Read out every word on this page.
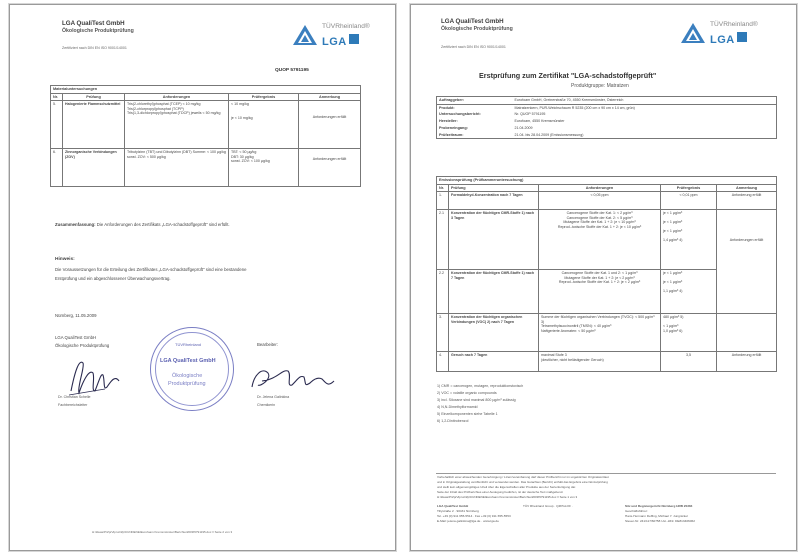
LGA QualiTest GmbH
Ökologische Produktprüfung
Zertifiziert nach DIN EN ISO 9001/14001
TÜVRheinland®
LGA
QUOP 5791195
Materialuntersuchungen				
Nr.	Prüfung	Anforderungen	Prüfergebnis	Anmerkung
5.	Halogenierte Flammschutzmittel	Tris(2-chlorethyl)phosphat (TCEP) < 10 mg/kg
Tris(2-chlorpropyl)phosphat (TCPP)
Tris(1,3-dichlorpropyl)phosphat (TDCP) jeweils < 50 mg/kg	< 10 mg/kg

je < 10 mg/kg	Anforderungen erfüllt
6.	Zinnorganische Verbindungen (ZOV)	Tributylzinn (TBT) und Dibutylzinn (DBT) Summe: < 100 µg/kg
sonst. ZOV: < 500 µg/kg	TBT: < 50 µg/kg
DBT: 30 µg/kg
sonst. ZOV: < 100 µg/kg	Anforderungen erfüllt
Zusammenfassung: Die Anforderungen des Zertifikats „LGA-schadstoffgeprüft" sind erfüllt.
Hinweis:
Die Voraussetzungen für die Erteilung des Zertifikates „LGA-schadstoffgeprüft" sind eine bestandene
Erstprüfung und ein abgeschlossener Überwachungsvertrag.
Nürnberg, 11.05.2009
LGA QualiTest GmbH
Ökologische Produktprüfung	Bearbeiter:
TÜVRheinland
LGA QualiTest GmbH
Ökologische
Produktprüfung
Dr. Christian Schelle
Fachbereichsleiter
Dr. Jelena Galinkina
Chemikerin
H:\Ideas\PrZpr\Zpruz\Zp\KUNDENE\Eurofoam Kremsmünster\Berichte\2009\5791195.doc // Seite 2 von 3
LGA QualiTest GmbH
Ökologische Produktprüfung
Zertifiziert nach DIN EN ISO 9001/14001
TÜVRheinland®
LGA
Erstprüfung zum Zertifikat "LGA-schadstoffgeprüft"
Produktgruppe: Matratzen
Auftraggeber:	Eurofoam GmbH, Greinerstraße 70, 4550 Kremsmünster, Österreich
Produkt:	Matratzenkern, PUR-Weichschaum R 5235 (200 cm x 90 cm x 14 cm, grün)
Untersuchungsbericht:	Nr. QUOP 5791195
Hersteller:	Eurofoam, 4550 Kremsmünster
Probeneingang:	21.04.2009
Prüfzeitraum:	21.04. bis 28.04.2009 (Emissionsmessung)
Emissionsprüfung (Prüfkammeruntersuchung)				
Nr.	Prüfung	Anforderungen	Prüfergebnis	Anmerkung
1.	Formaldehyd-Konzentration nach 7 Tagen	< 0,05 ppm	< 0,01 ppm	Anforderung erfüllt
2.1	Konzentration der flüchtigen CMR-Stoffe 1) nach 3 Tagen	Cancerogene Stoffe der Kat. 1: < 2 µg/m³
Cancerogene Stoffe der Kat. 2: < 5 µg/m³
Mutagene Stoffe der Kat. 1 + 2: je < 10 µg/m³
Reprod.-toxische Stoffe der Kat. 1 + 2: je < 10 µg/m³	je < 1 µg/m³

je < 1 µg/m³

je < 1 µg/m³

1,4 µg/m³ 4)	Anforderungen erfüllt
2.2	Konzentration der flüchtigen CMR-Stoffe 1) nach 7 Tagen	Cancerogene Stoffe der Kat. 1 und 2: < 1 µg/m³
Mutagene Stoffe der Kat. 1 + 2: je < 2 µg/m³
Reprod.-toxische Stoffe der Kat. 1 + 2: je < 2 µg/m³	je < 1 µg/m³

je < 1 µg/m³

1,1 µg/m³ 4)	
3.	Konzentration der flüchtigen organischen Verbindungen (VOC) 2) nach 7 Tagen	Summe der flüchtigen organischen Verbindungen (TVOC): < 500 µg/m³ 3)
Tetramethylsuccinonitril (TMSN): < 40 µg/m³
Naftgerierte Aromaten: < 50 µg/m³	480 µg/m³ 5)

< 1 µg/m³
1,0 µg/m³ 6)	
4.	Geruch nach 7 Tagen	maximal Stufe 3
(deutlicher, nicht belästigender Geruch)	3,5	Anforderung erfüllt
1) CMR = cancerogen, mutagen, reproduktionstoxisch
2) VOC = volatile organic compounds
3) incl. Siloxane sind maximal 800 µg/m³ zulässig
4) N,N-Dimethylformamid
5) Einzelkomponenten siehe Tabelle 1
6) 1,2-Dinitrobenzol
Vorbehaltlich einer abweichenden Genehmigung / Lizenzvereinbarung darf dieser Prüfbericht nur im ungekürzten Originalwortlaut
und in Originalgestaltung veröffentlicht und verwendet werden. Das Gutachten (Bericht) enthält das Ergebnis einer Einzelprüfung
und stellt kein allgemeingültiges Urteil über die Eigenschaften aller Produkte aus der Serienfertigung dar.
Seite der Inhalt des Prüfberichtes einer Auslegung bedürfen, ist der deutsche Text maßgebend.
H:\Ideas\PrZpr\Zpruz\Zp\KUNDENE\Eurofoam Kremsmünster\Berichte\2009\5791195.doc // Seite 1 von 3
LGA QualiTest GmbH
Tillystraße 2 · 90431 Nürnberg
Tel. +49 (0) 911 655-5514 · Fax +49 (0) 911 655-5553
E-Mail: jelena.galinkina@lga.de · www.lga.de
TÜV Rheinland Group · QZPGLOF ·	Sitz und Registergericht Nürnberg HRB 20384
Geschäftsführer:
Hans-Hermann Deffing, Michael Y. Jungnickel
Steuer-Nr. 241/117/60758 Ust.-IdNr. DE813406062
